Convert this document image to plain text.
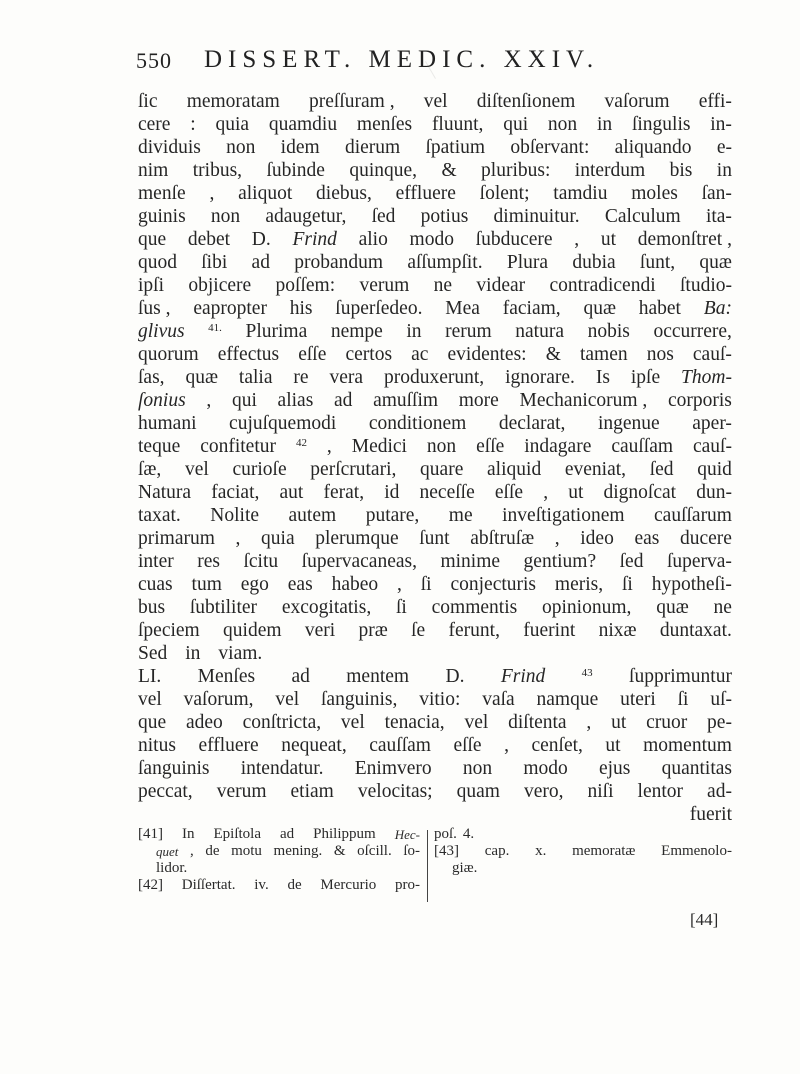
550 DISSERT. MEDIC. XXIV.
ſic memoratam preſſuram , vel diſtenſionem vaſorum effi-
cere : quia quamdiu menſes fluunt, qui non in ſingulis in-
dividuis non idem dierum ſpatium obſervant: aliquando e-
nim tribus, ſubinde quinque, & pluribus: interdum bis in
menſe , aliquot diebus, effluere ſolent; tamdiu moles ſan-
guinis non adaugetur, ſed potius diminuitur. Calculum ita-
que debet D. Frind alio modo ſubducere , ut demonſtret ,
quod ſibi ad probandum aſſumpſit. Plura dubia ſunt, quæ
ipſi objicere poſſem: verum ne videar contradicendi ſtudio-
ſus , eapropter his ſuperſedeo. Mea faciam, quæ habet Ba:
glivus 41. Plurima nempe in rerum natura nobis occurrere,
quorum effectus eſſe certos ac evidentes: & tamen nos cauſ-
ſas, quæ talia re vera produxerunt, ignorare. Is ipſe Thom-
ſonius , qui alias ad amuſſim more Mechanicorum , corporis
humani cujuſquemodi conditionem declarat, ingenue aper-
teque confitetur 42 , Medici non eſſe indagare cauſſam cauſ-
ſæ, vel curioſe perſcrutari, quare aliquid eveniat, ſed quid
Natura faciat, aut ferat, id neceſſe eſſe , ut dignoſcat dun-
taxat. Nolite autem putare, me inveſtigationem cauſſarum
primarum , quia plerumque ſunt abſtruſæ , ideo eas ducere
inter res ſcitu ſupervacaneas, minime gentium? ſed ſuperva-
cuas tum ego eas habeo , ſi conjecturis meris, ſi hypotheſi-
bus ſubtiliter excogitatis, ſi commentis opinionum, quæ ne
ſpeciem quidem veri præ ſe ferunt, fuerint nixæ duntaxat.
Sed in viam.
LI. Menſes ad mentem D. Frind	43 ſupprimuntur
vel vaſorum, vel ſanguinis, vitio: vaſa namque uteri ſi uſ-
que adeo conſtricta, vel tenacia, vel diſtenta , ut cruor pe-
nitus effluere nequeat, cauſſam eſſe , cenſet, ut momentum
ſanguinis intendatur. Enimvero non modo ejus quantitas
peccat, verum etiam velocitas; quam vero, niſi lentor ad-
fuerit
[41] In Epiſtola ad Philippum Hec-
quet , de motu mening. & oſcill. ſo-
lidor.
[42] Diſſertat. iv. de Mercurio pro-
poſ. 4.
[43] cap. x. memoratæ Emmenolo-
giæ.
[44]
